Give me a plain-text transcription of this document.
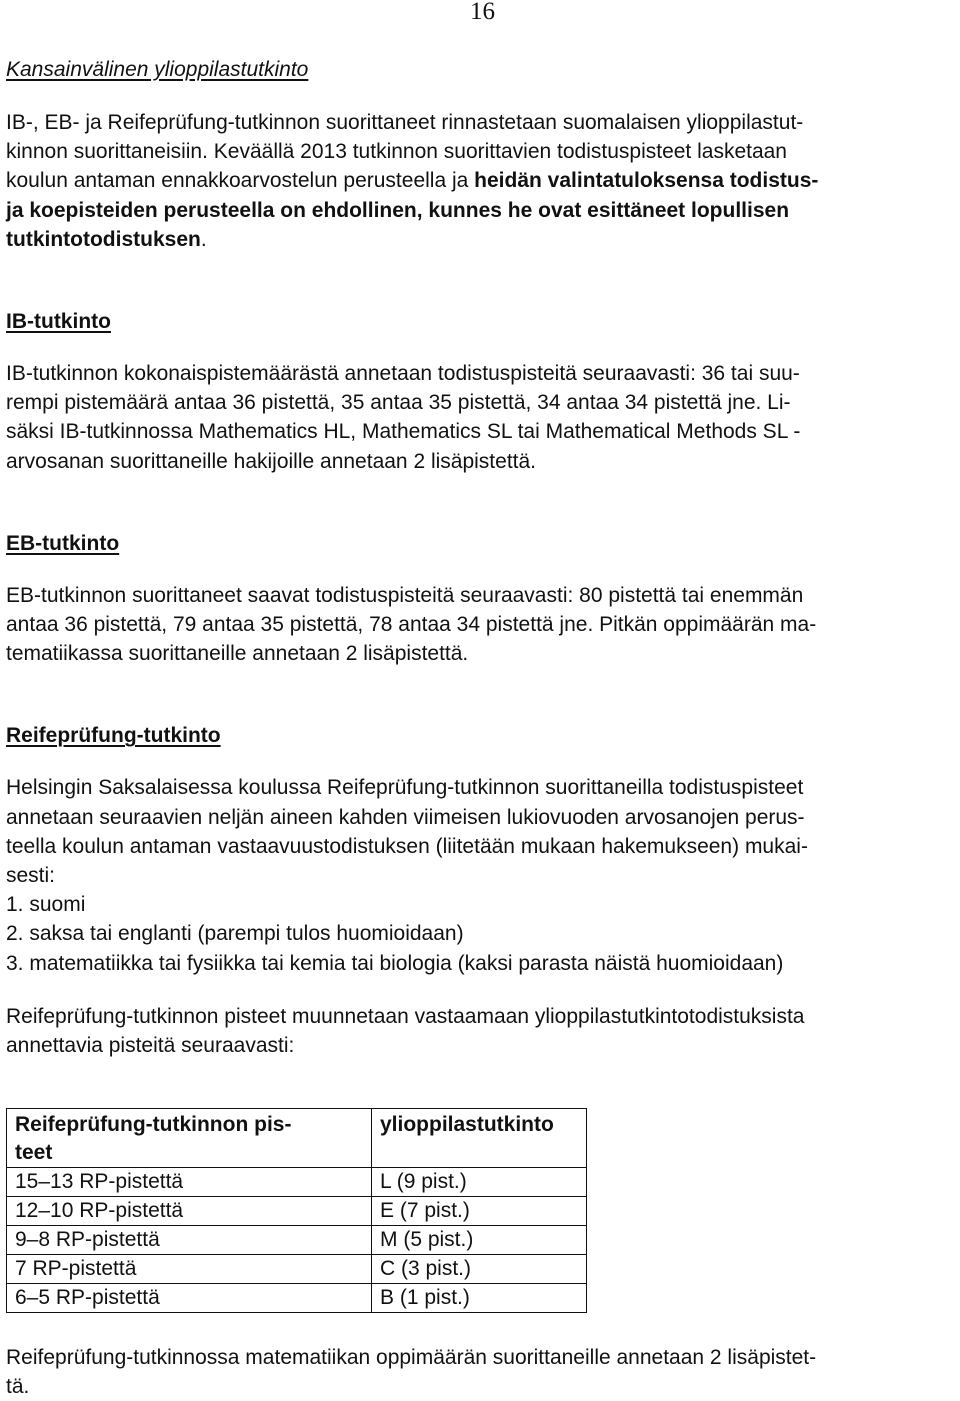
16
Kansainvälinen ylioppilastutkinto
IB-, EB- ja Reifeprüfung-tutkinnon suorittaneet rinnastetaan suomalaisen ylioppilastut-
kinnon suorittaneisiin. Keväällä 2013 tutkinnon suorittavien todistuspisteet lasketaan
koulun antaman ennakkoarvostelun perusteella ja heidän valintatuloksensa todistus-
ja koepisteiden perusteella on ehdollinen, kunnes he ovat esittäneet lopullisen
tutkintotodistuksen.
IB-tutkinto
IB-tutkinnon kokonaispistemäärästä annetaan todistuspisteitä seuraavasti: 36 tai suu-
rempi pistemäärä antaa 36 pistettä, 35 antaa 35 pistettä, 34 antaa 34 pistettä jne. Li-
säksi IB-tutkinnossa Mathematics HL, Mathematics SL tai Mathematical Methods SL -
arvosanan suorittaneille hakijoille annetaan 2 lisäpistettä.
EB-tutkinto
EB-tutkinnon suorittaneet saavat todistuspisteitä seuraavasti: 80 pistettä tai enemmän
antaa 36 pistettä, 79 antaa 35 pistettä, 78 antaa 34 pistettä jne. Pitkän oppimäärän ma-
tematiikassa suorittaneille annetaan 2 lisäpistettä.
Reifeprüfung-tutkinto
Helsingin Saksalaisessa koulussa Reifeprüfung-tutkinnon suorittaneilla todistuspisteet
annetaan seuraavien neljän aineen kahden viimeisen lukiovuoden arvosanojen perus-
teella koulun antaman vastaavuustodistuksen (liitetään mukaan hakemukseen) mukai-
sesti:
1. suomi
2. saksa tai englanti (parempi tulos huomioidaan)
3. matematiikka tai fysiikka tai kemia tai biologia (kaksi parasta näistä huomioidaan)
Reifeprüfung-tutkinnon pisteet muunnetaan vastaamaan ylioppilastutkintotodistuksista
annettavia pisteitä seuraavasti:
Reifeprüfung-tutkinnon pis-
teet	ylioppilastutkinto
15–13 RP-pistettä	L (9 pist.)
12–10 RP-pistettä	E (7 pist.)
9–8 RP-pistettä	M (5 pist.)
7 RP-pistettä	C (3 pist.)
6–5 RP-pistettä	B (1 pist.)
Reifeprüfung-tutkinnossa matematiikan oppimäärän suorittaneille annetaan 2 lisäpistet-
tä.
